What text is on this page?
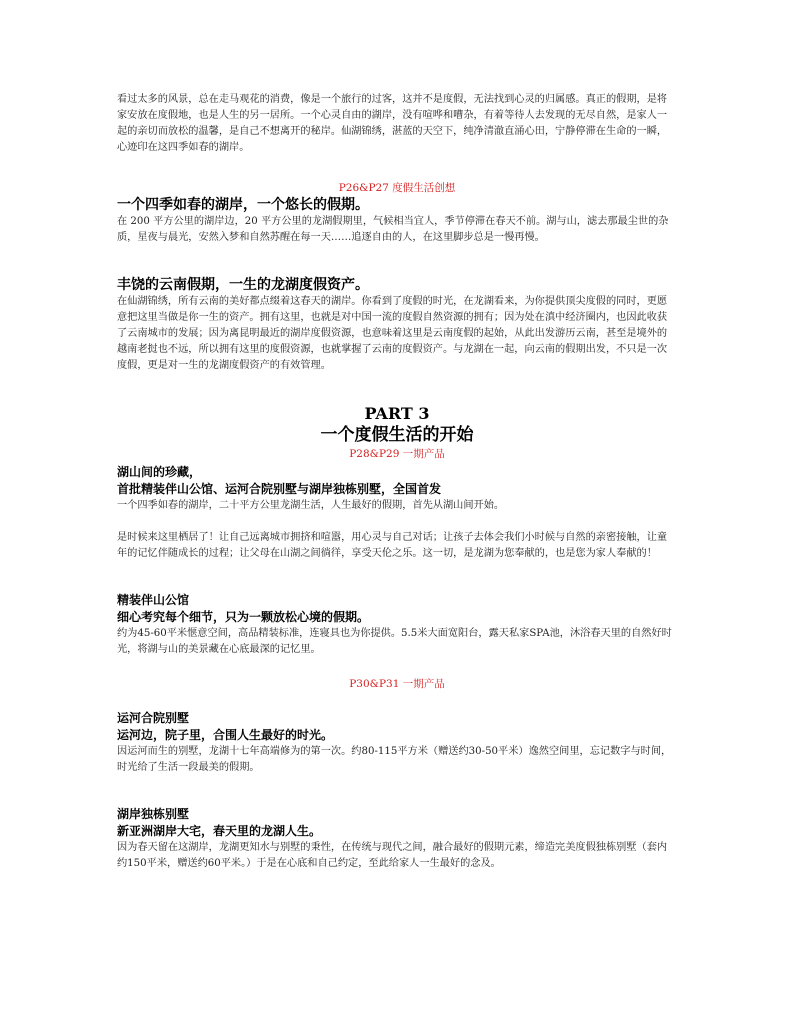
看过太多的风景，总在走马观花的消费，像是一个旅行的过客，这并不是度假，无法找到心灵的归属感。真正的假期，是将家安放在度假地，也是人生的另一居所。一个心灵自由的湖岸，没有喧哗和嘈杂，有着等待人去发现的无尽自然，是家人一起的亲切而放松的温馨，是自己不想离开的秘岸。仙湖锦绣，湛蓝的天空下，纯净清澈直涌心田，宁静停滞在生命的一瞬，心迹印在这四季如春的湖岸。

P26&P27 度假生活创想
一个四季如春的湖岸，一个悠长的假期。

在 200 平方公里的湖岸边，20 平方公里的龙湖假期里，气候相当宜人，季节停滞在春天不前。湖与山，滤去那最尘世的杂质，星夜与晨光，安然入梦和自然苏醒在每一天……追逐自由的人，在这里脚步总是一慢再慢。

丰饶的云南假期，一生的龙湖度假资产。

在仙湖锦绣，所有云南的美好都点缀着这春天的湖岸。你看到了度假的时光，在龙湖看来，为你提供顶尖度假的同时，更愿意把这里当做是你一生的资产。拥有这里，也就是对中国一流的度假自然资源的拥有；因为处在滇中经济圈内，也因此收获了云南城市的发展；因为离昆明最近的湖岸度假资源，也意味着这里是云南度假的起始，从此出发游历云南，甚至是境外的越南老挝也不远，所以拥有这里的度假资源，也就掌握了云南的度假资产。与龙湖在一起，向云南的假期出发，不只是一次度假，更是对一生的龙湖度假资产的有效管理。

PART 3
一个度假生活的开始
P28&P29 一期产品
湖山间的珍藏，
首批精装伴山公馆、运河合院别墅与湖岸独栋别墅，全国首发

一个四季如春的湖岸，二十平方公里龙湖生活，人生最好的假期，首先从湖山间开始。

是时候来这里栖居了！让自己远离城市拥挤和喧嚣，用心灵与自己对话；让孩子去体会我们小时候与自然的亲密接触，让童年的记忆伴随成长的过程；让父母在山湖之间徜徉，享受天伦之乐。这一切，是龙湖为您奉献的，也是您为家人奉献的！

精装伴山公馆
细心考究每个细节，只为一颗放松心境的假期。

约为45-60平米惬意空间，高品精装标准，连寝具也为你提供。5.5米大面宽阳台，露天私家SPA池，沐浴春天里的自然好时光，将湖与山的美景藏在心底最深的记忆里。

P30&P31 一期产品
运河合院别墅
运河边，院子里，合围人生最好的时光。

因运河而生的别墅，龙湖十七年高端修为的第一次。约80-115平方米（赠送约30-50平米）逸然空间里，忘记数字与时间，时光给了生活一段最美的假期。

湖岸独栋别墅
新亚洲湖岸大宅，春天里的龙湖人生。

因为春天留在这湖岸，龙湖更知水与别墅的秉性，在传统与现代之间，融合最好的假期元素，缔造完美度假独栋别墅（套内约150平米，赠送约60平米。）于是在心底和自己约定，至此给家人一生最好的念及。
